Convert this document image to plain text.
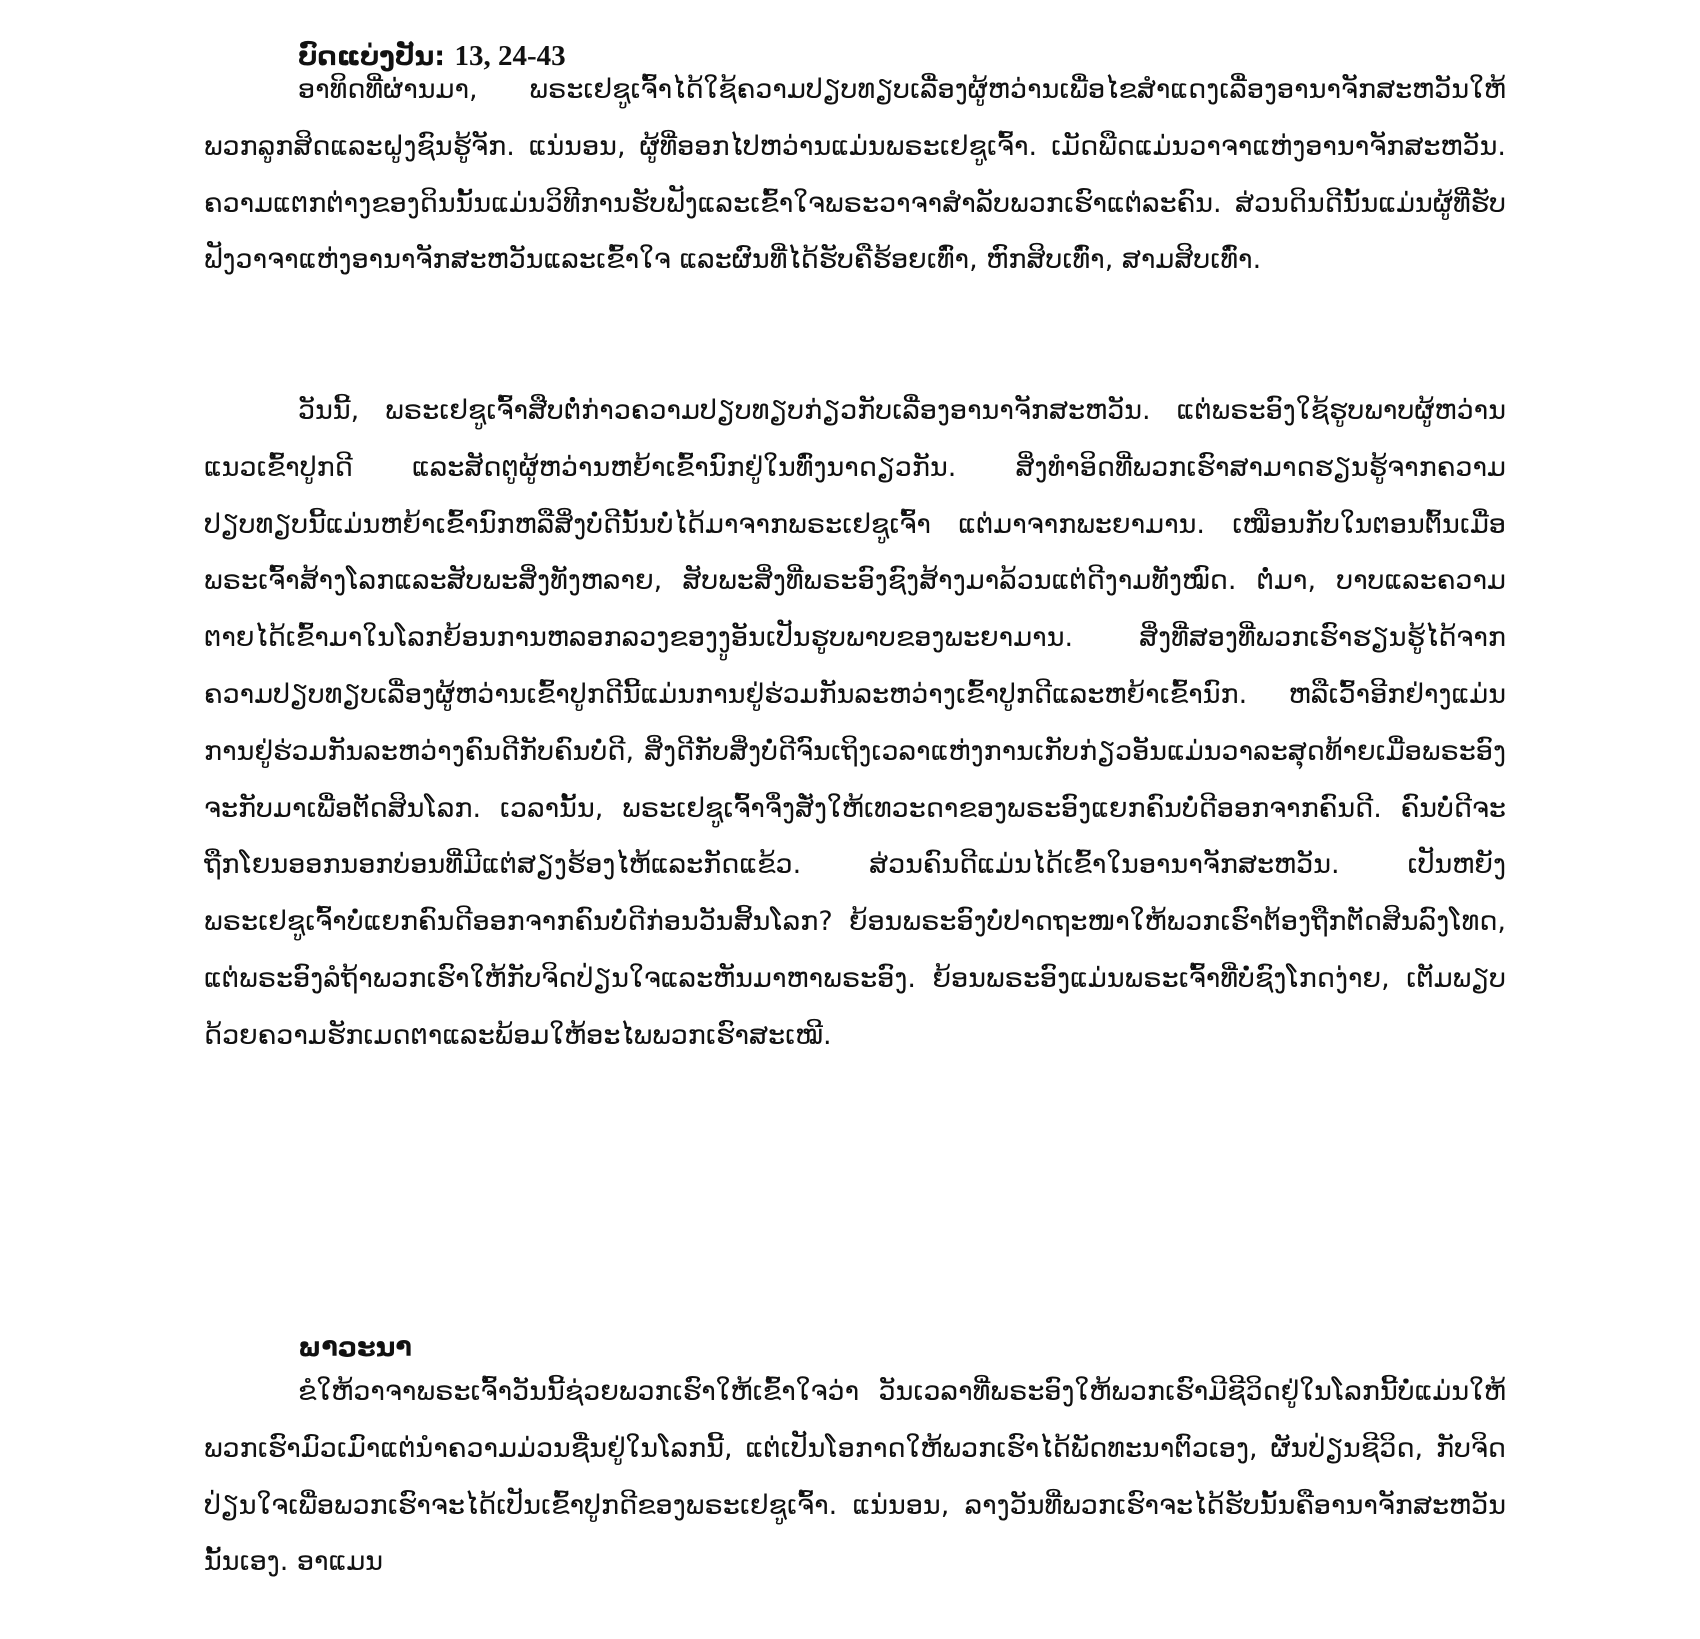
ບົດແບ່ງປັນ: 13, 24-43

ອາທິດທີ່ຜ່ານມາ, ພຣະເຢຊູເຈົ້າໄດ້ໃຊ້ຄວາມປຽບທຽບເລື່ອງຜູ້ຫວ່ານເພື່ອໄຂສຳແດງເລື່ອງອານາຈັກສະຫວັນໃຫ້ພວກລູກສິດແລະຝູງຊົນຮູ້ຈັກ. ແນ່ນອນ, ຜູ້ທີ່ອອກໄປຫວ່ານແມ່ນພຣະເຢຊູເຈົ້າ. ເມັດພືດແມ່ນວາຈາແຫ່ງອານາຈັກສະຫວັນ. ຄວາມແຕກຕ່າງຂອງດິນນັ້ນແມ່ນວິທີການຮັບຟັງແລະເຂົ້າໃຈພຣະວາຈາສຳລັບພວກເຮົາແຕ່ລະຄົນ. ສ່ວນດິນດີນັ້ນແມ່ນຜູ້ທີ່ຮັບຟັງວາຈາແຫ່ງອານາຈັກສະຫວັນແລະເຂົ້າໃຈ ແລະຜົນທີ່ໄດ້ຮັບຄືຮ້ອຍເທົ່າ, ຫົກສິບເທົ່າ, ສາມສິບເທົ່າ.

ວັນນີ້, ພຣະເຢຊູເຈົ້າສືບຕໍ່ກ່າວຄວາມປຽບທຽບກ່ຽວກັບເລື່ອງອານາຈັກສະຫວັນ. ແຕ່ພຣະອົງໃຊ້ຮູບພາບຜູ້ຫວ່ານແນວເຂົ້າປູກດີ ແລະສັດຕູຜູ້ຫວ່ານຫຍ້າເຂົ້ານົກຢູ່ໃນທົ່ງນາດຽວກັນ. ສິ່ງທຳອິດທີ່ພວກເຮົາສາມາດຮຽນຮູ້ຈາກຄວາມປຽບທຽບນີ້ແມ່ນຫຍ້າເຂົ້ານົກຫລືສິ່ງບໍ່ດີນັ້ນບໍ່ໄດ້ມາຈາກພຣະເຢຊູເຈົ້າ ແຕ່ມາຈາກພະຍາມານ. ເໝືອນກັບໃນຕອນຕົ້ນເມື່ອພຣະເຈົ້າສ້າງໂລກແລະສັບພະສິ່ງທັງຫລາຍ, ສັບພະສິ່ງທີ່ພຣະອົງຊົງສ້າງມາລ້ວນແຕ່ດີງາມທັງໝົດ. ຕໍ່ມາ, ບາບແລະຄວາມຕາຍໄດ້ເຂົ້າມາໃນໂລກຍ້ອນການຫລອກລວງຂອງງູອັນເປັນຮູບພາບຂອງພະຍາມານ. ສິ່ງທີ່ສອງທີ່ພວກເຮົາຮຽນຮູ້ໄດ້ຈາກຄວາມປຽບທຽບເລື່ອງຜູ້ຫວ່ານເຂົ້າປູກດີນີ້ແມ່ນການຢູ່ຮ່ວມກັນລະຫວ່າງເຂົ້າປູກດີແລະຫຍ້າເຂົ້ານົກ. ຫລືເວົ້າອີກຢ່າງແມ່ນການຢູ່ຮ່ວມກັນລະຫວ່າງຄົນດີກັບຄົນບໍ່ດີ, ສິ່ງດີກັບສິ່ງບໍ່ດີຈົນເຖິງເວລາແຫ່ງການເກັບກ່ຽວອັນແມ່ນວາລະສຸດທ້າຍເມື່ອພຣະອົງຈະກັບມາເພື່ອຕັດສິນໂລກ. ເວລານັ້ນ, ພຣະເຢຊູເຈົ້າຈຶ່ງສັ່ງໃຫ້ເທວະດາຂອງພຣະອົງແຍກຄົນບໍ່ດີອອກຈາກຄົນດີ. ຄົນບໍ່ດີຈະຖືກໂຍນອອກນອກບ່ອນທີ່ມີແຕ່ສຽງຮ້ອງໄຫ້ແລະກັດແຂ້ວ. ສ່ວນຄົນດີແມ່ນໄດ້ເຂົ້າໃນອານາຈັກສະຫວັນ. ເປັນຫຍັງພຣະເຢຊູເຈົ້າບໍ່ແຍກຄົນດີອອກຈາກຄົນບໍ່ດີກ່ອນວັນສິ້ນໂລກ? ຍ້ອນພຣະອົງບໍ່ປາດຖະໜາໃຫ້ພວກເຮົາຕ້ອງຖືກຕັດສິນລົງໂທດ, ແຕ່ພຣະອົງລໍຖ້າພວກເຮົາໃຫ້ກັບຈິດປ່ຽນໃຈແລະຫັນມາຫາພຣະອົງ. ຍ້ອນພຣະອົງແມ່ນພຣະເຈົ້າທີ່ບໍ່ຊົງໂກດງ່າຍ, ເຕັມພຽບດ້ວຍຄວາມຮັກເມດຕາແລະພ້ອມໃຫ້ອະໄພພວກເຮົາສະເໝີ.

ພາວະນາ

ຂໍໃຫ້ວາຈາພຣະເຈົ້າວັນນີ້ຊ່ວຍພວກເຮົາໃຫ້ເຂົ້າໃຈວ່າ ວັນເວລາທີ່ພຣະອົງໃຫ້ພວກເຮົາມີຊີວິດຢູ່ໃນໂລກນີ້ບໍ່ແມ່ນໃຫ້ພວກເຮົາມົວເມົາແຕ່ນຳຄວາມມ່ວນຊື່ນຢູ່ໃນໂລກນີ້, ແຕ່ເປັນໂອກາດໃຫ້ພວກເຮົາໄດ້ພັດທະນາຕົວເອງ, ຜັນປ່ຽນຊີວິດ, ກັບຈິດປ່ຽນໃຈເພື່ອພວກເຮົາຈະໄດ້ເປັນເຂົ້າປູກດີຂອງພຣະເຢຊູເຈົ້າ. ແນ່ນອນ, ລາງວັນທີ່ພວກເຮົາຈະໄດ້ຮັບນັ້ນຄືອານາຈັກສະຫວັນນັ້ນເອງ. ອາແມນ
